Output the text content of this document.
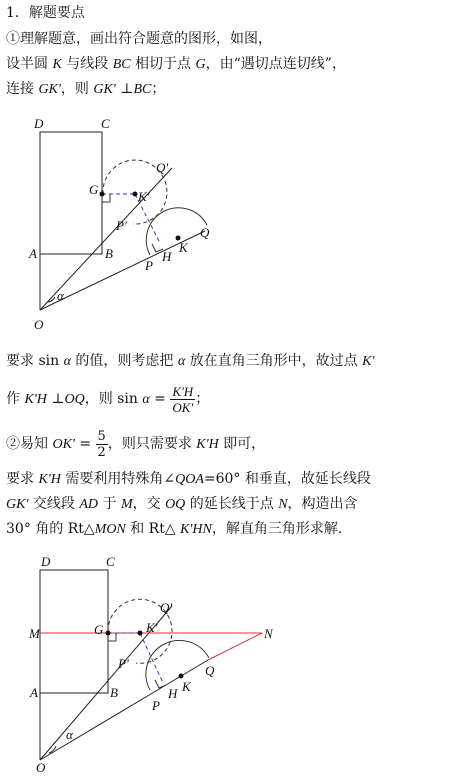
1．解题要点
①理解题意，画出符合题意的图形，如图，
设半圆 K 与线段 BC 相切于点 G，由“遇切点连切线”，
连接 GK'，则 GK' ⊥BC；
D	C
Q'
G	K'
P'
A	B
Q
H
K
P
α
O
要求 sin α 的值，则考虑把 α 放在直角三角形中，故过点 K'
作 K'H ⊥OQ，则 $\sin \alpha = \frac{K'H}{OK'}$ ；
②易知 $OK' = \frac{5}{2}$ ，则只需要求 K'H 即可，
要求 K'H 需要利用特殊角∠QOA=60° 和垂直，故延长线段
GK' 交线段 AD 于 M，交 OQ 的延长线于点 N，构造出含
30° 角的 Rt△MON 和 Rt△ K'HN，解直角三角形求解.
D	C
Q'
M	G	K'	N
P'
A	B
Q
H K
P
α
O
